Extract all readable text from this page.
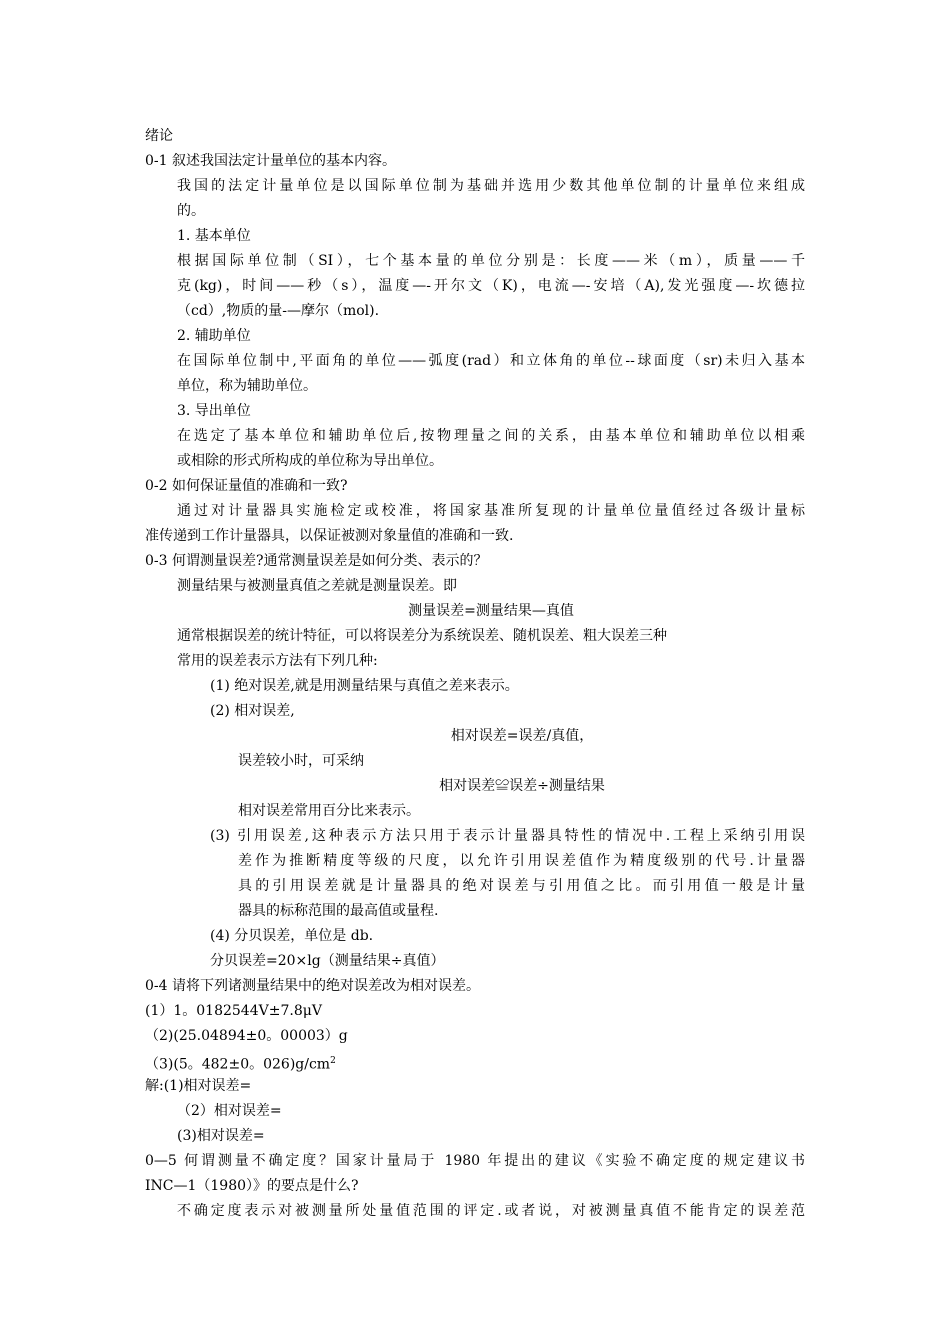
绪论
0-1 叙述我国法定计量单位的基本内容。
我国的法定计量单位是以国际单位制为基础并选用少数其他单位制的计量单位来组成
的。
1. 基本单位
根据国际单位制（SI），七个基本量的单位分别是：长度——米（m），质量——千
克(kg)，时间——秒（s），温度—-开尔文（K)，电流—-安培（A),发光强度—-坎德拉
（cd）,物质的量-—摩尔（mol).
2. 辅助单位
在国际单位制中,平面角的单位——弧度(rad）和立体角的单位--球面度（sr)未归入基本
单位，称为辅助单位。
3. 导出单位
在选定了基本单位和辅助单位后,按物理量之间的关系，由基本单位和辅助单位以相乘
或相除的形式所构成的单位称为导出单位。
0-2 如何保证量值的准确和一致?
通过对计量器具实施检定或校准，将国家基准所复现的计量单位量值经过各级计量标
准传递到工作计量器具，以保证被测对象量值的准确和一致.
0-3 何谓测量误差?通常测量误差是如何分类、表示的？
测量结果与被测量真值之差就是测量误差。即
测量误差=测量结果—真值
通常根据误差的统计特征，可以将误差分为系统误差、随机误差、粗大误差三种
常用的误差表示方法有下列几种:
(1) 绝对误差,就是用测量结果与真值之差来表示。
(2) 相对误差,
相对误差=误差/真值，
误差较小时，可采纳
相对误差≌误差÷测量结果
相对误差常用百分比来表示。
(3) 引用误差,这种表示方法只用于表示计量器具特性的情况中.工程上采纳引用误
差作为推断精度等级的尺度，以允许引用误差值作为精度级别的代号.计量器
具的引用误差就是计量器具的绝对误差与引用值之比。而引用值一般是计量
器具的标称范围的最高值或量程.
(4) 分贝误差，单位是 db.
分贝误差=20×lg（测量结果÷真值）
0-4 请将下列诸测量结果中的绝对误差改为相对误差。
(1）1。0182544V±7.8μV
（2)(25.04894±0。00003）g
（3)(5。482±0。$026)g/cm^2$
解:(1)相对误差=
（2）相对误差=
(3)相对误差=
0—5 何谓测量不确定度？国家计量局于 1980 年提出的建议《实验不确定度的规定建议书
INC—1（1980）》的要点是什么?
不确定度表示对被测量所处量值范围的评定.或者说，对被测量真值不能肯定的误差范
